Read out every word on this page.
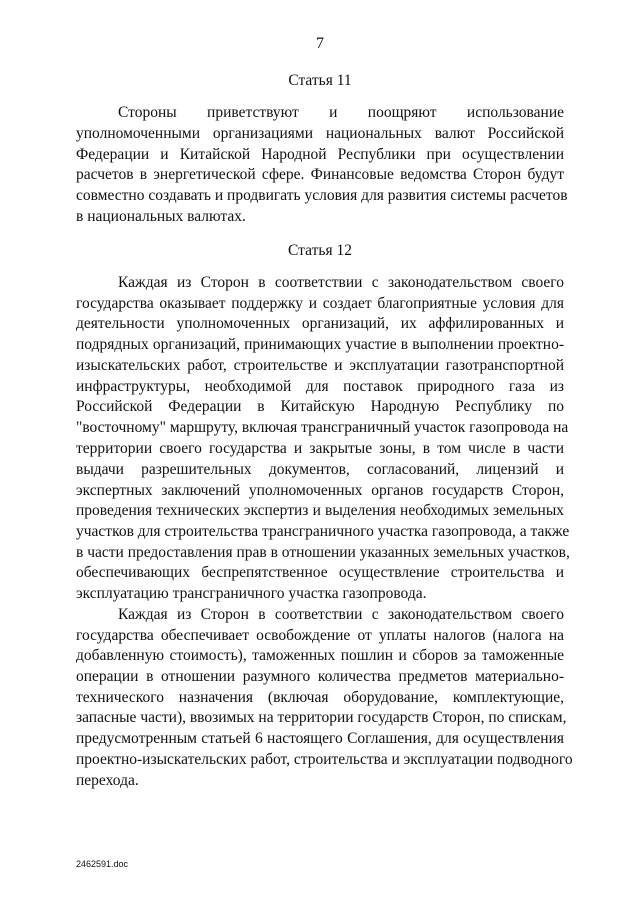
7
Статья 11
Стороны приветствуют и поощряют использование
уполномоченными организациями национальных валют Российской
Федерации и Китайской Народной Республики при осуществлении
расчетов в энергетической сфере. Финансовые ведомства Сторон будут
совместно создавать и продвигать условия для развития системы расчетов
в национальных валютах.
Статья 12
Каждая из Сторон в соответствии с законодательством своего
государства оказывает поддержку и создает благоприятные условия для
деятельности уполномоченных организаций, их аффилированных и
подрядных организаций, принимающих участие в выполнении проектно-
изыскательских работ, строительстве и эксплуатации газотранспортной
инфраструктуры, необходимой для поставок природного газа из
Российской Федерации в Китайскую Народную Республику по
"восточному" маршруту, включая трансграничный участок газопровода на
территории своего государства и закрытые зоны, в том числе в части
выдачи разрешительных документов, согласований, лицензий и
экспертных заключений уполномоченных органов государств Сторон,
проведения технических экспертиз и выделения необходимых земельных
участков для строительства трансграничного участка газопровода, а также
в части предоставления прав в отношении указанных земельных участков,
обеспечивающих беспрепятственное осуществление строительства и
эксплуатацию трансграничного участка газопровода.
Каждая из Сторон в соответствии с законодательством своего
государства обеспечивает освобождение от уплаты налогов (налога на
добавленную стоимость), таможенных пошлин и сборов за таможенные
операции в отношении разумного количества предметов материально-
технического назначения (включая оборудование, комплектующие,
запасные части), ввозимых на территории государств Сторон, по спискам,
предусмотренным статьей 6 настоящего Соглашения, для осуществления
проектно-изыскательских работ, строительства и эксплуатации подводного
перехода.
2462591.doc
